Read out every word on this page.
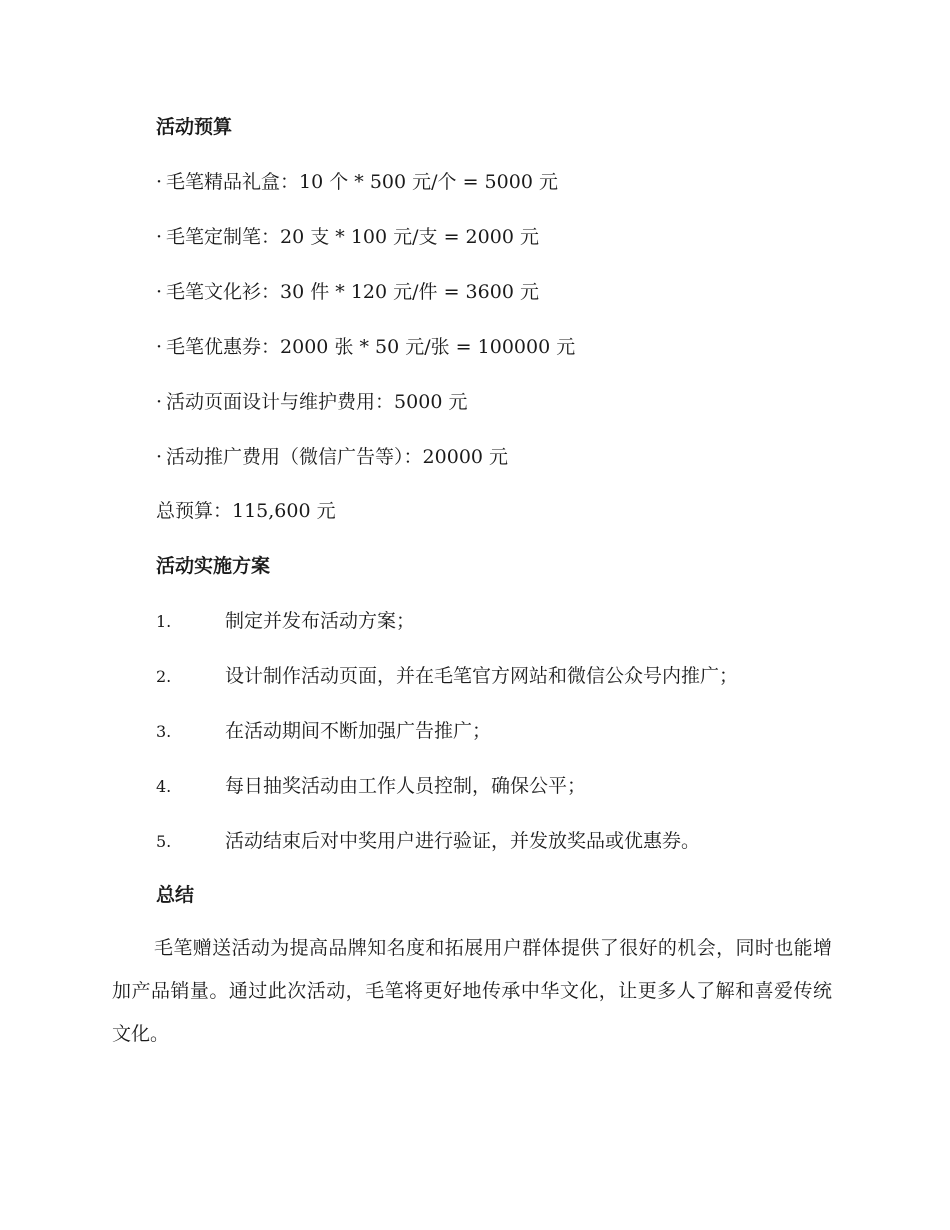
活动预算
· 毛笔精品礼盒：10 个 * 500 元/个 = 5000 元
· 毛笔定制笔：20 支 * 100 元/支 = 2000 元
· 毛笔文化衫：30 件 * 120 元/件 = 3600 元
· 毛笔优惠券：2000 张 * 50 元/张 = 100000 元
· 活动页面设计与维护费用：5000 元
· 活动推广费用（微信广告等）：20000 元
总预算：115,600 元
活动实施方案
1.	制定并发布活动方案；
2.	设计制作活动页面，并在毛笔官方网站和微信公众号内推广；
3.	在活动期间不断加强广告推广；
4.	每日抽奖活动由工作人员控制，确保公平；
5.	活动结束后对中奖用户进行验证，并发放奖品或优惠券。
总结
毛笔赠送活动为提高品牌知名度和拓展用户群体提供了很好的机会，同时也能增加产品销量。通过此次活动，毛笔将更好地传承中华文化，让更多人了解和喜爱传统文化。
